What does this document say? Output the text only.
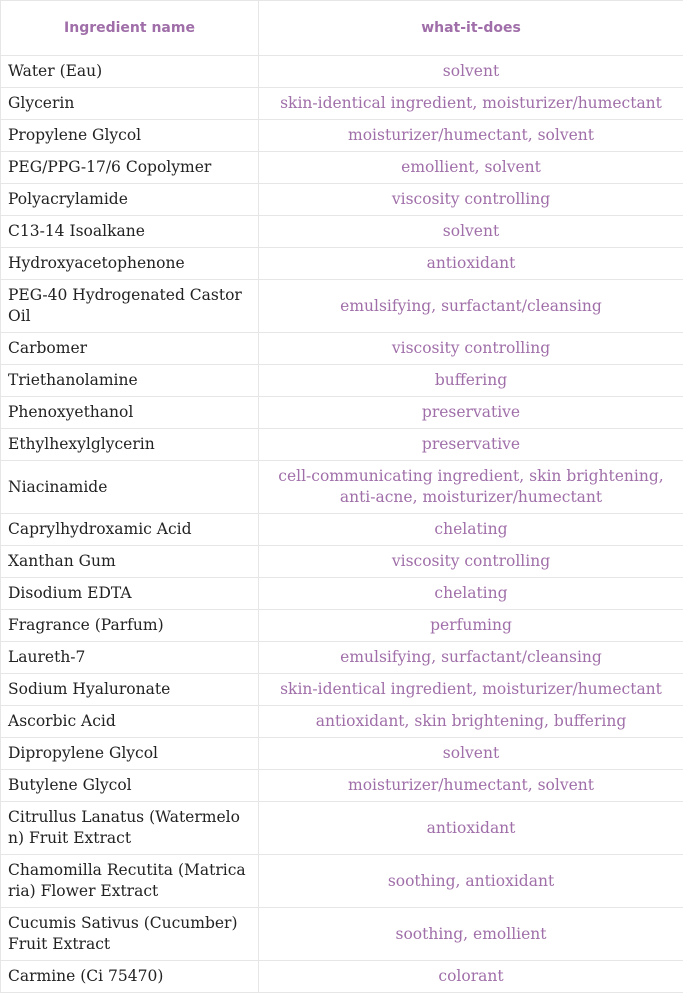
Ingredient name	what-it-does
Water (Eau)	solvent
Glycerin	skin-identical ingredient, moisturizer/humectant
Propylene Glycol	moisturizer/humectant, solvent
PEG/PPG-17/6 Copolymer	emollient, solvent
Polyacrylamide	viscosity controlling
C13-14 Isoalkane	solvent
Hydroxyacetophenone	antioxidant
PEG-40 Hydrogenated Castor Oil	emulsifying, surfactant/cleansing
Carbomer	viscosity controlling
Triethanolamine	buffering
Phenoxyethanol	preservative
Ethylhexylglycerin	preservative
Niacinamide	cell-communicating ingredient, skin brightening, anti-acne, moisturizer/humectant
Caprylhydroxamic Acid	chelating
Xanthan Gum	viscosity controlling
Disodium EDTA	chelating
Fragrance (Parfum)	perfuming
Laureth-7	emulsifying, surfactant/cleansing
Sodium Hyaluronate	skin-identical ingredient, moisturizer/humectant
Ascorbic Acid	antioxidant, skin brightening, buffering
Dipropylene Glycol	solvent
Butylene Glycol	moisturizer/humectant, solvent
Citrullus Lanatus (Watermelon) Fruit Extract	antioxidant
Chamomilla Recutita (Matricaria) Flower Extract	soothing, antioxidant
Cucumis Sativus (Cucumber) Fruit Extract	soothing, emollient
Carmine (Ci 75470)	colorant
